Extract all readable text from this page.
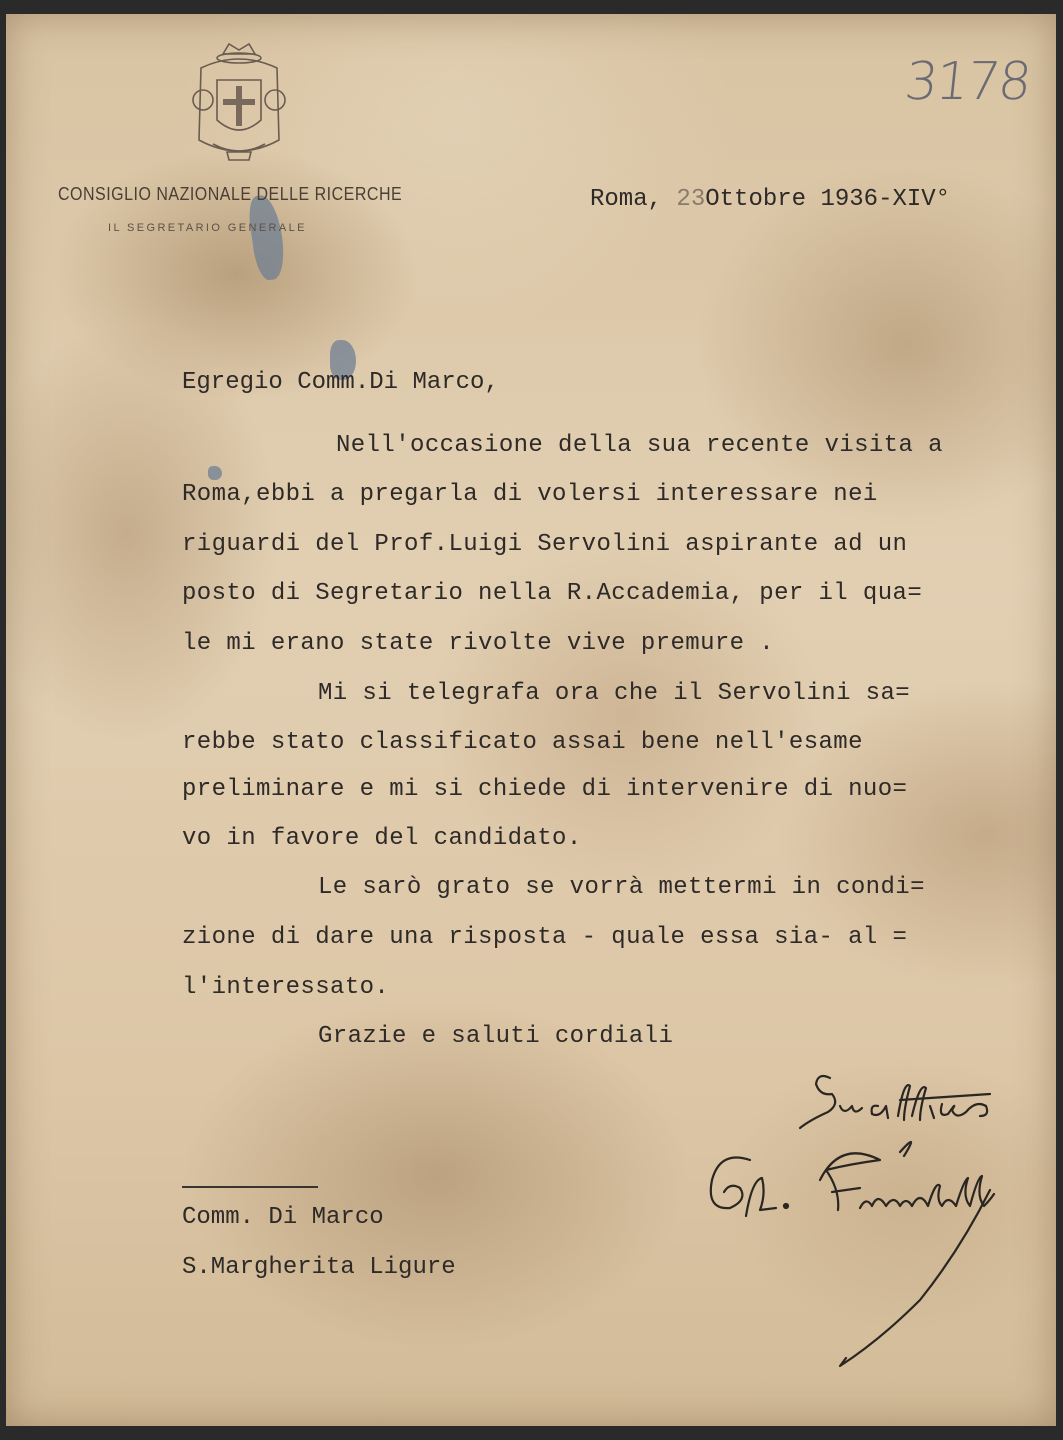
CONSIGLIO NAZIONALE DELLE RICERCHE
IL SEGRETARIO GENERALE
3178
Roma, 23Ottobre 1936-XIV°
Egregio Comm.Di Marco,
Nell'occasione della sua recente visita a
Roma,ebbi a pregarla di volersi interessare nei
riguardi del Prof.Luigi Servolini aspirante ad un
posto di Segretario nella R.Accademia, per il qua=
le mi erano state rivolte vive premure .
Mi si telegrafa ora che il Servolini sa=
rebbe stato classificato assai bene nell'esame
preliminare e mi si chiede di intervenire di nuo=
vo in favore del candidato.
Le sarò grato se vorrà mettermi in condi=
zione di dare una risposta - quale essa sia- al =
l'interessato.
Grazie e saluti cordiali
Comm. Di Marco
S.Margherita Ligure
